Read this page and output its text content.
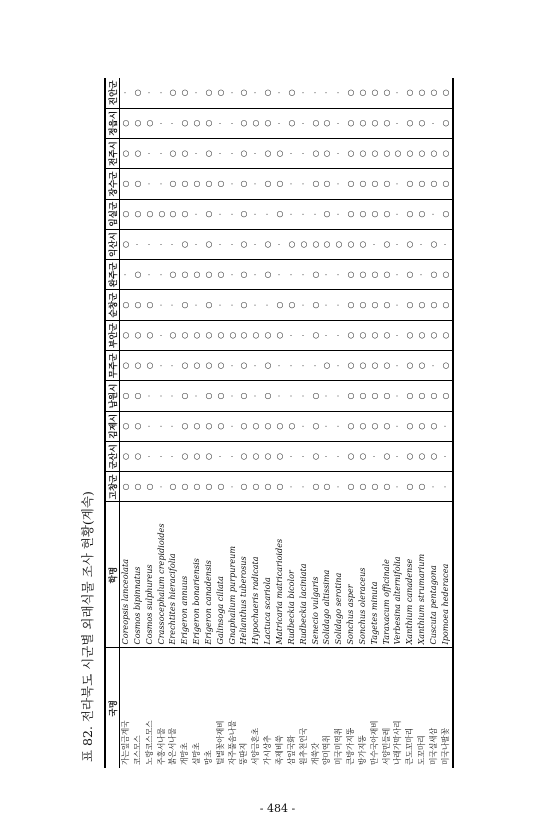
표 82. 전라북도 시군별 외래식물 조사 현황(계속)	국명	학명	고창군	군산시	김제시	남원시	무주군	부안군	순창군	완주군	익산시	임실군	장수군	전주시	정읍시	진안군
가는잎금계국	Coreopsis lanceolata	○	○	○	○	○	○	○	·	○	○	○	○	○	·
코스모스	Cosmos bipinnatus	○	○	○	○	○	○	○	○	·	○	○	○	○	○
노랑코스모스	Cosmos sulphureus	○	·	·	·	○	○	○	·	·	○	·	·	○	·
주홍서나물	Crassocephalum crepidioides	·	·	·	·	·	·	·	·	·	○	·	·	·	·
붉은서나물	Erechtites hieracifolia	○	·	·	·	·	○	·	○	·	○	○	○	·	○
개망초	Erigeron annuus	○	○	○	○	○	○	○	○	○	○	○	○	○	○
실망초	Erigeron bonariensis	○	○	○	·	○	○	·	○	·	·	○	·	○	·
망초	Erigeron canadensis	○	○	○	○	○	○	○	○	○	○	○	○	○	○
털별꽃아재비	Galinsoga ciliata	○	·	○	○	○	○	·	○	·	·	○	·	·	○
자주풀솜나물	Gnaphalium purpureum	·	·	·	·	·	○	·	·	·	·	·	·	·	·
뚱딴지	Helianthus tuberosus	○	○	○	○	○	○	○	○	○	○	○	○	○	○
서양금혼초	Hypochaeris radicata	○	○	○	·	·	○	·	·	·	·	·	·	○	·
가시상추	Lactuca scariola	○	○	○	○	○	○	·	○	○	·	○	○	○	○
족제비쑥	Matricaria matricarioides	○	○	○	·	·	○	○	·	·	○	○	○	·	·
삼잎국화	Rudbeckia bicolor	·	·	○	·	·	·	○	·	○	·	·	·	○	○
원추천인국	Rudbeckia laciniata	·	·	·	·	·	·	·	·	○	·	·	·	·	·
개쑥갓	Senecio vulgaris	○	○	○	○	·	○	○	○	○	·	○	○	○	·
양미역취	Solidago altissima	○	·	·	·	○	·	·	·	○	○	○	○	○	·
미국미역취	Solidago serotina	·	·	·	·	·	·	·	·	○	·	·	·	·	·
큰방가지똥	Sonchus asper	○	○	○	○	○	○	○	○	○	○	○	○	○	○
방가지똥	Sonchus oleraceus	○	○	○	○	○	○	○	○	○	○	○	○	○	○
만수국아재비	Tagetes minuta	○	·	○	○	○	○	○	○	·	○	○	○	○	○
서양민들레	Taraxacum officinale	○	○	○	○	○	○	○	○	○	○	○	○	○	○
나래가막사리	Verbesina alternifolia	·	·	·	·	·	·	·	·	·	·	·	○	·	·
큰도꼬마리	Xanthium canadense	○	○	○	○	○	○	○	○	○	○	○	○	○	○
도꼬마리	Xanthium strumarium	○	○	○	○	○	○	○	·	·	○	○	○	○	○
미국실새삼	Cuscuta pentagona	·	○	○	○	·	○	○	○	○	·	○	○	·	○
미국나팔꽃	Ipomoea hederacea	·	·	·	○	○	○	○	○	·	○	○	○	○	○
- 484 -
